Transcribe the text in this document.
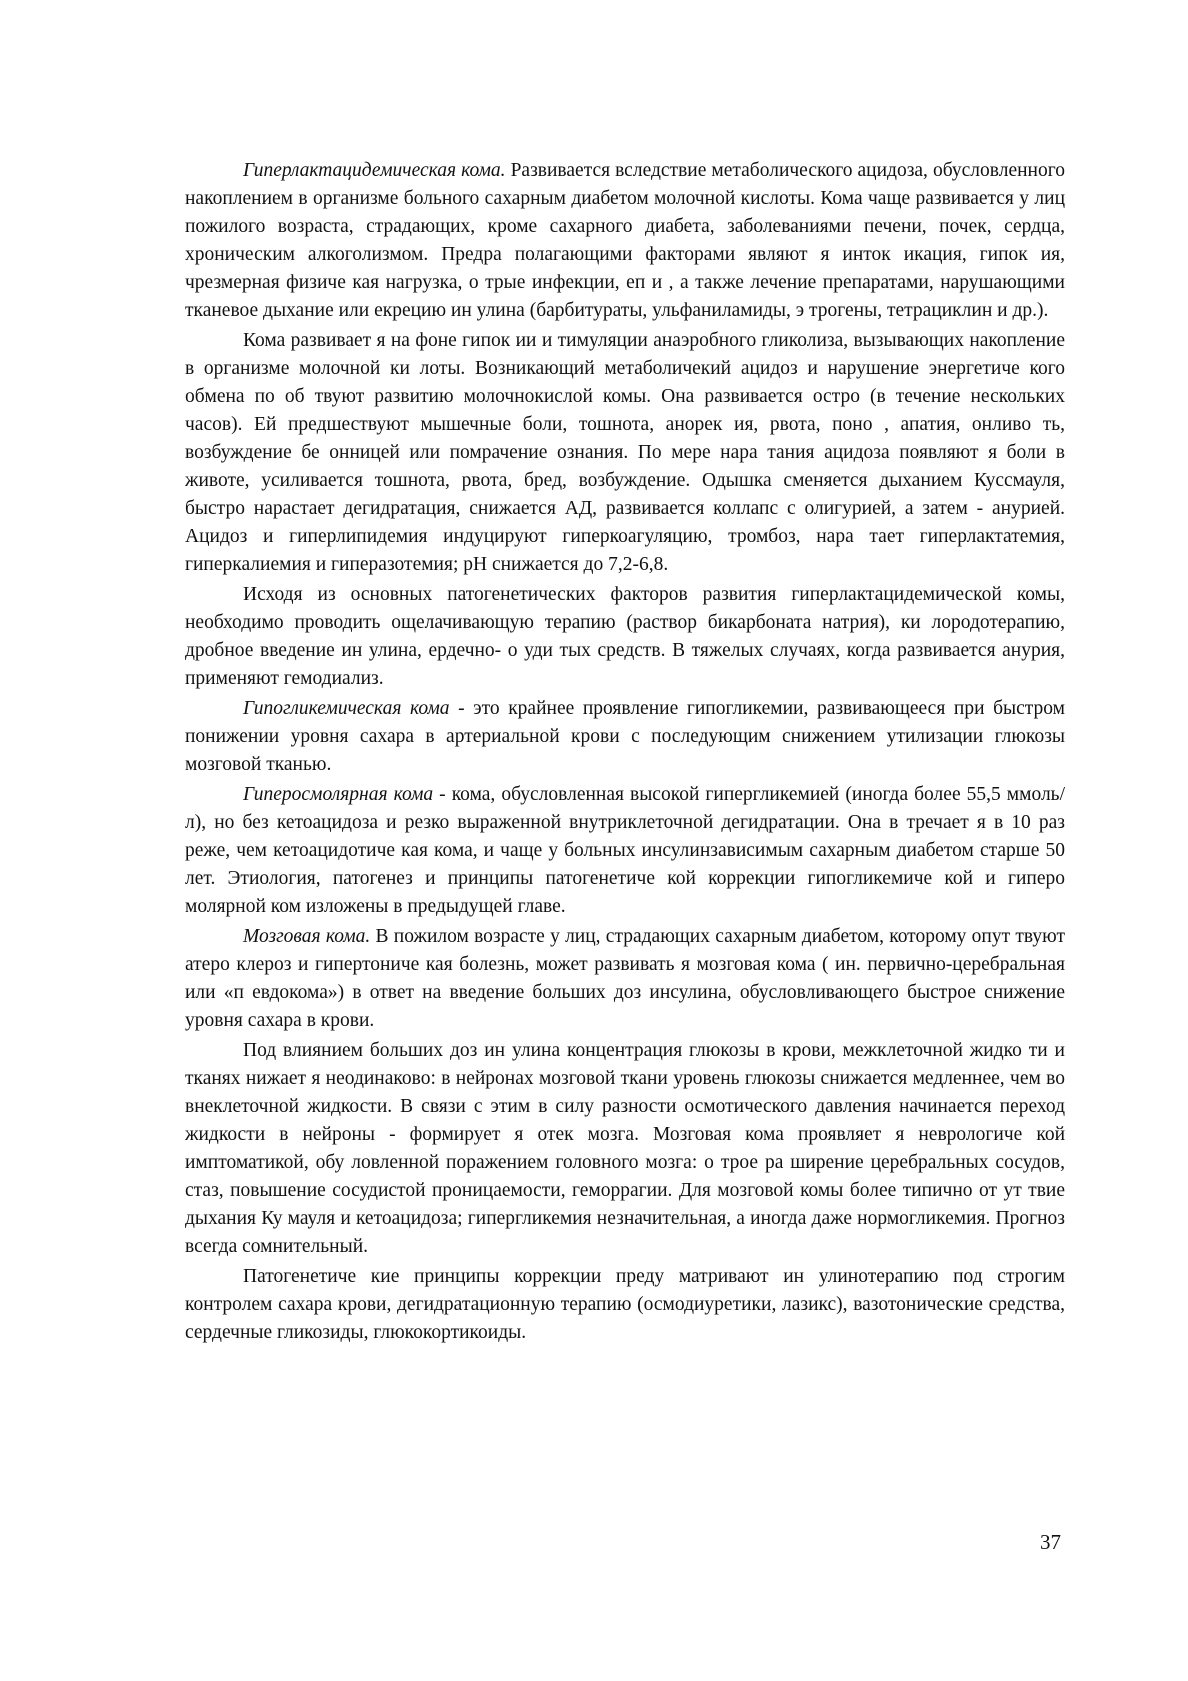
Гиперлактацидемическая кома. Развивается вследствие метаболического ацидоза, обусловленного накоплением в организме больного сахарным диабетом молочной кислоты. Кома чаще развивается у лиц пожилого возраста, страдающих, кроме сахарного диабета, заболеваниями печени, почек, сердца, хроническим алкоголизмом. Предра полагающими факторами являют я инток икация, гипок ия, чрезмерная физиче кая нагрузка, о трые инфекции, еп и , а также лечение препаратами, нарушающими тканевое дыхание или екрецию ин улина (барбитураты, ульфаниламиды, э трогены, тетрациклин и др.).

Кома развивает я на фоне гипок ии и тимуляции анаэробного гликолиза, вызывающих накопление в организме молочной ки лоты. Возникающий метаболичекий ацидоз и нарушение энергетиче кого обмена по об твуют развитию молочнокислой комы. Она развивается остро (в течение нескольких часов). Ей предшествуют мышечные боли, тошнота, анорек ия, рвота, поно , апатия, онливо ть, возбуждение бе онницей или помрачение ознания. По мере нара тания ацидоза появляют я боли в животе, усиливается тошнота, рвота, бред, возбуждение. Одышка сменяется дыханием Куссмауля, быстро нарастает дегидратация, снижается АД, развивается коллапс с олигурией, а затем - анурией. Ацидоз и гиперлипидемия индуцируют гиперкоагуляцию, тромбоз, нара тает гиперлактатемия, гиперкалиемия и гиперазотемия; рН снижается до 7,2-6,8.

Исходя из основных патогенетических факторов развития гиперлактацидемической комы, необходимо проводить ощелачивающую терапию (раствор бикарбоната натрия), ки лородотерапию, дробное введение ин улина, ердечно- о уди тых средств. В тяжелых случаях, когда развивается анурия, применяют гемодиализ.

Гипогликемическая кома - это крайнее проявление гипогликемии, развивающееся при быстром понижении уровня сахара в артериальной крови с последующим снижением утилизации глюкозы мозговой тканью.

Гиперосмолярная кома - кома, обусловленная высокой гипергликемией (иногда более 55,5 ммоль/л), но без кетоацидоза и резко выраженной внутриклеточной дегидратации. Она в тречает я в 10 раз реже, чем кетоацидотиче кая кома, и чаще у больных инсулинзависимым сахарным диабетом старше 50 лет. Этиология, патогенез и принципы патогенетиче кой коррекции гипогликемиче кой и гиперо молярной ком изложены в предыдущей главе.

Мозговая кома. В пожилом возрасте у лиц, страдающих сахарным диабетом, которому опут твуют атеро клероз и гипертониче кая болезнь, может развивать я мозговая кома ( ин. первично-церебральная или «п евдокома») в ответ на введение больших доз инсулина, обусловливающего быстрое снижение уровня сахара в крови.

Под влиянием больших доз ин улина концентрация глюкозы в крови, межклеточной жидко ти и тканях нижает я неодинаково: в нейронах мозговой ткани уровень глюкозы снижается медленнее, чем во внеклеточной жидкости. В связи с этим в силу разности осмотического давления начинается переход жидкости в нейроны - формирует я отек мозга. Мозговая кома проявляет я неврологиче кой имптоматикой, обу ловленной поражением головного мозга: о трое ра ширение церебральных сосудов, стаз, повышение сосудистой проницаемости, геморрагии. Для мозговой комы более типично от ут твие дыхания Ку мауля и кетоацидоза; гипергликемия незначительная, а иногда даже нормогликемия. Прогноз всегда сомнительный.

Патогенетиче кие принципы коррекции преду матривают ин улинотерапию под строгим контролем сахара крови, дегидратационную терапию (осмодиуретики, лазикс), вазотонические средства, сердечные гликозиды, глюкокортикоиды.

37
